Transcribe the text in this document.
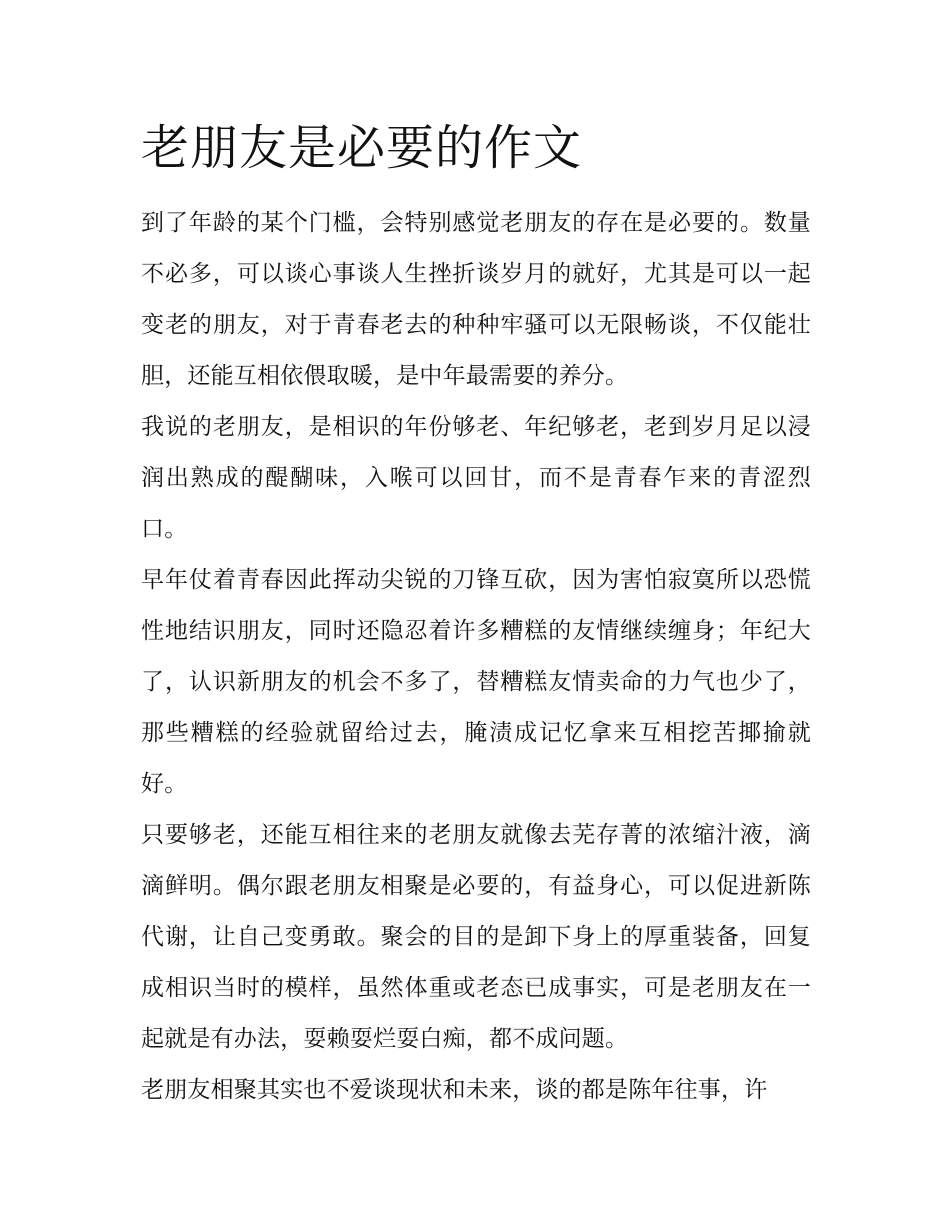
老朋友是必要的作文

到了年龄的某个门槛，会特别感觉老朋友的存在是必要的。数量不必多，可以谈心事谈人生挫折谈岁月的就好，尤其是可以一起变老的朋友，对于青春老去的种种牢骚可以无限畅谈，不仅能壮胆，还能互相依偎取暖，是中年最需要的养分。

我说的老朋友，是相识的年份够老、年纪够老，老到岁月足以浸润出熟成的醍醐味，入喉可以回甘，而不是青春乍来的青涩烈口。

早年仗着青春因此挥动尖锐的刀锋互砍，因为害怕寂寞所以恐慌性地结识朋友，同时还隐忍着许多糟糕的友情继续缠身；年纪大了，认识新朋友的机会不多了，替糟糕友情卖命的力气也少了，那些糟糕的经验就留给过去，腌渍成记忆拿来互相挖苦揶揄就好。

只要够老，还能互相往来的老朋友就像去芜存菁的浓缩汁液，滴滴鲜明。偶尔跟老朋友相聚是必要的，有益身心，可以促进新陈代谢，让自己变勇敢。聚会的目的是卸下身上的厚重装备，回复成相识当时的模样，虽然体重或老态已成事实，可是老朋友在一起就是有办法，耍赖耍烂耍白痴，都不成问题。

老朋友相聚其实也不爱谈现状和未来，谈的都是陈年往事，许
